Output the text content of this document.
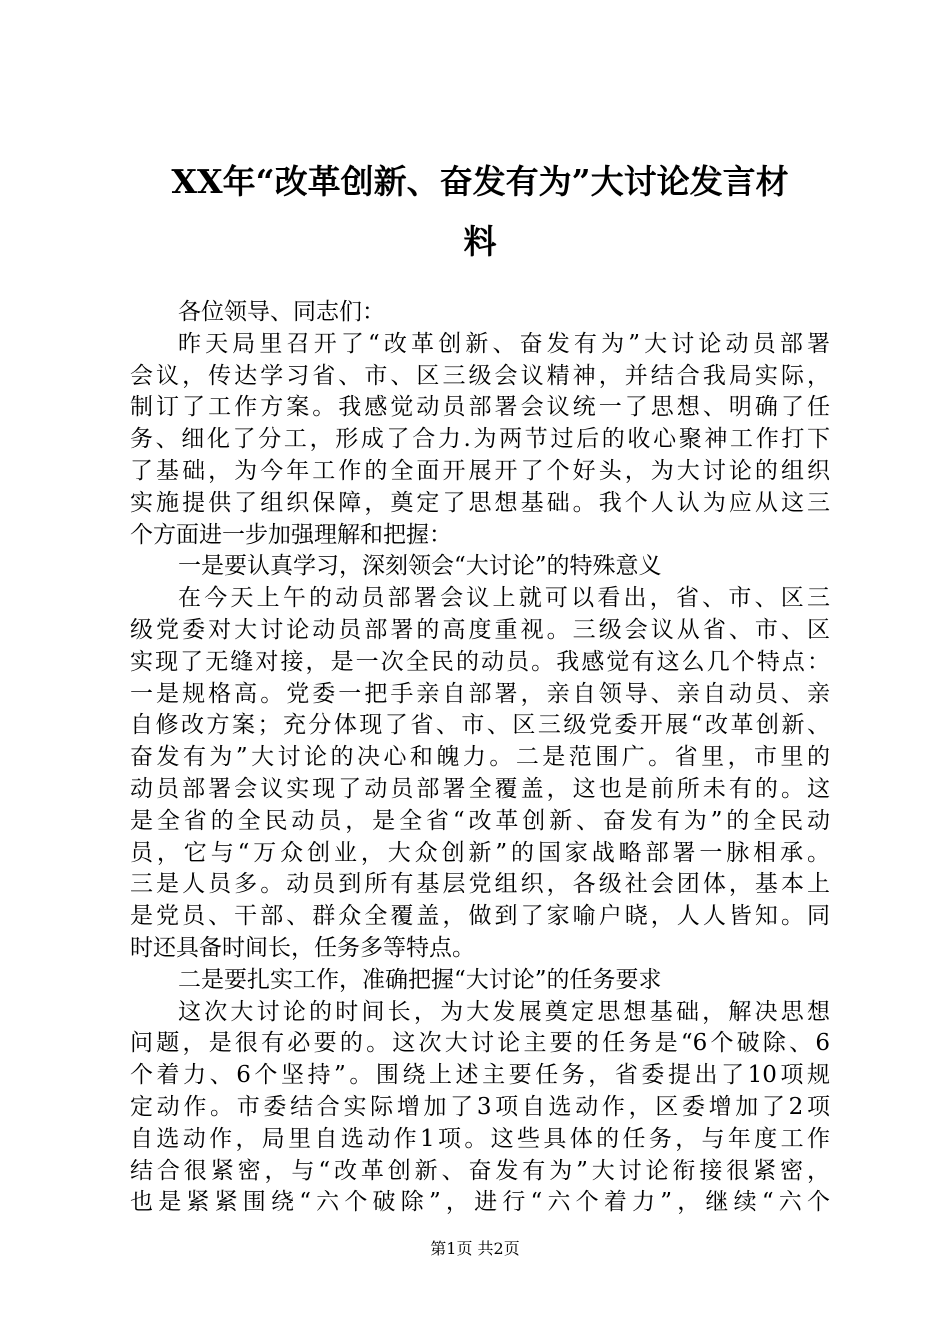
XX年“改革创新、奋发有为”大讨论发言材
料
各位领导、同志们：
昨天局里召开了“改革创新、奋发有为”大讨论动员部署
会议，传达学习省、市、区三级会议精神，并结合我局实际，
制订了工作方案。我感觉动员部署会议统一了思想、明确了任
务、细化了分工，形成了合力.为两节过后的收心聚神工作打下
了基础，为今年工作的全面开展开了个好头，为大讨论的组织
实施提供了组织保障，奠定了思想基础。我个人认为应从这三
个方面进一步加强理解和把握：
一是要认真学习，深刻领会“大讨论”的特殊意义
在今天上午的动员部署会议上就可以看出，省、市、区三
级党委对大讨论动员部署的高度重视。三级会议从省、市、区
实现了无缝对接，是一次全民的动员。我感觉有这么几个特点：
一是规格高。党委一把手亲自部署，亲自领导、亲自动员、亲
自修改方案；充分体现了省、市、区三级党委开展“改革创新、
奋发有为”大讨论的决心和魄力。二是范围广。省里，市里的
动员部署会议实现了动员部署全覆盖，这也是前所未有的。这
是全省的全民动员，是全省“改革创新、奋发有为”的全民动
员，它与“万众创业，大众创新”的国家战略部署一脉相承。
三是人员多。动员到所有基层党组织，各级社会团体，基本上
是党员、干部、群众全覆盖，做到了家喻户晓，人人皆知。同
时还具备时间长，任务多等特点。
二是要扎实工作，准确把握“大讨论”的任务要求
这次大讨论的时间长，为大发展奠定思想基础，解决思想
问题，是很有必要的。这次大讨论主要的任务是“6个破除、6
个着力、6个坚持”。围绕上述主要任务，省委提出了10项规
定动作。市委结合实际增加了3项自选动作，区委增加了2项
自选动作，局里自选动作1项。这些具体的任务，与年度工作
结合很紧密，与“改革创新、奋发有为”大讨论衔接很紧密，
也是紧紧围绕“六个破除”，进行“六个着力”，继续“六个
第1页 共2页
